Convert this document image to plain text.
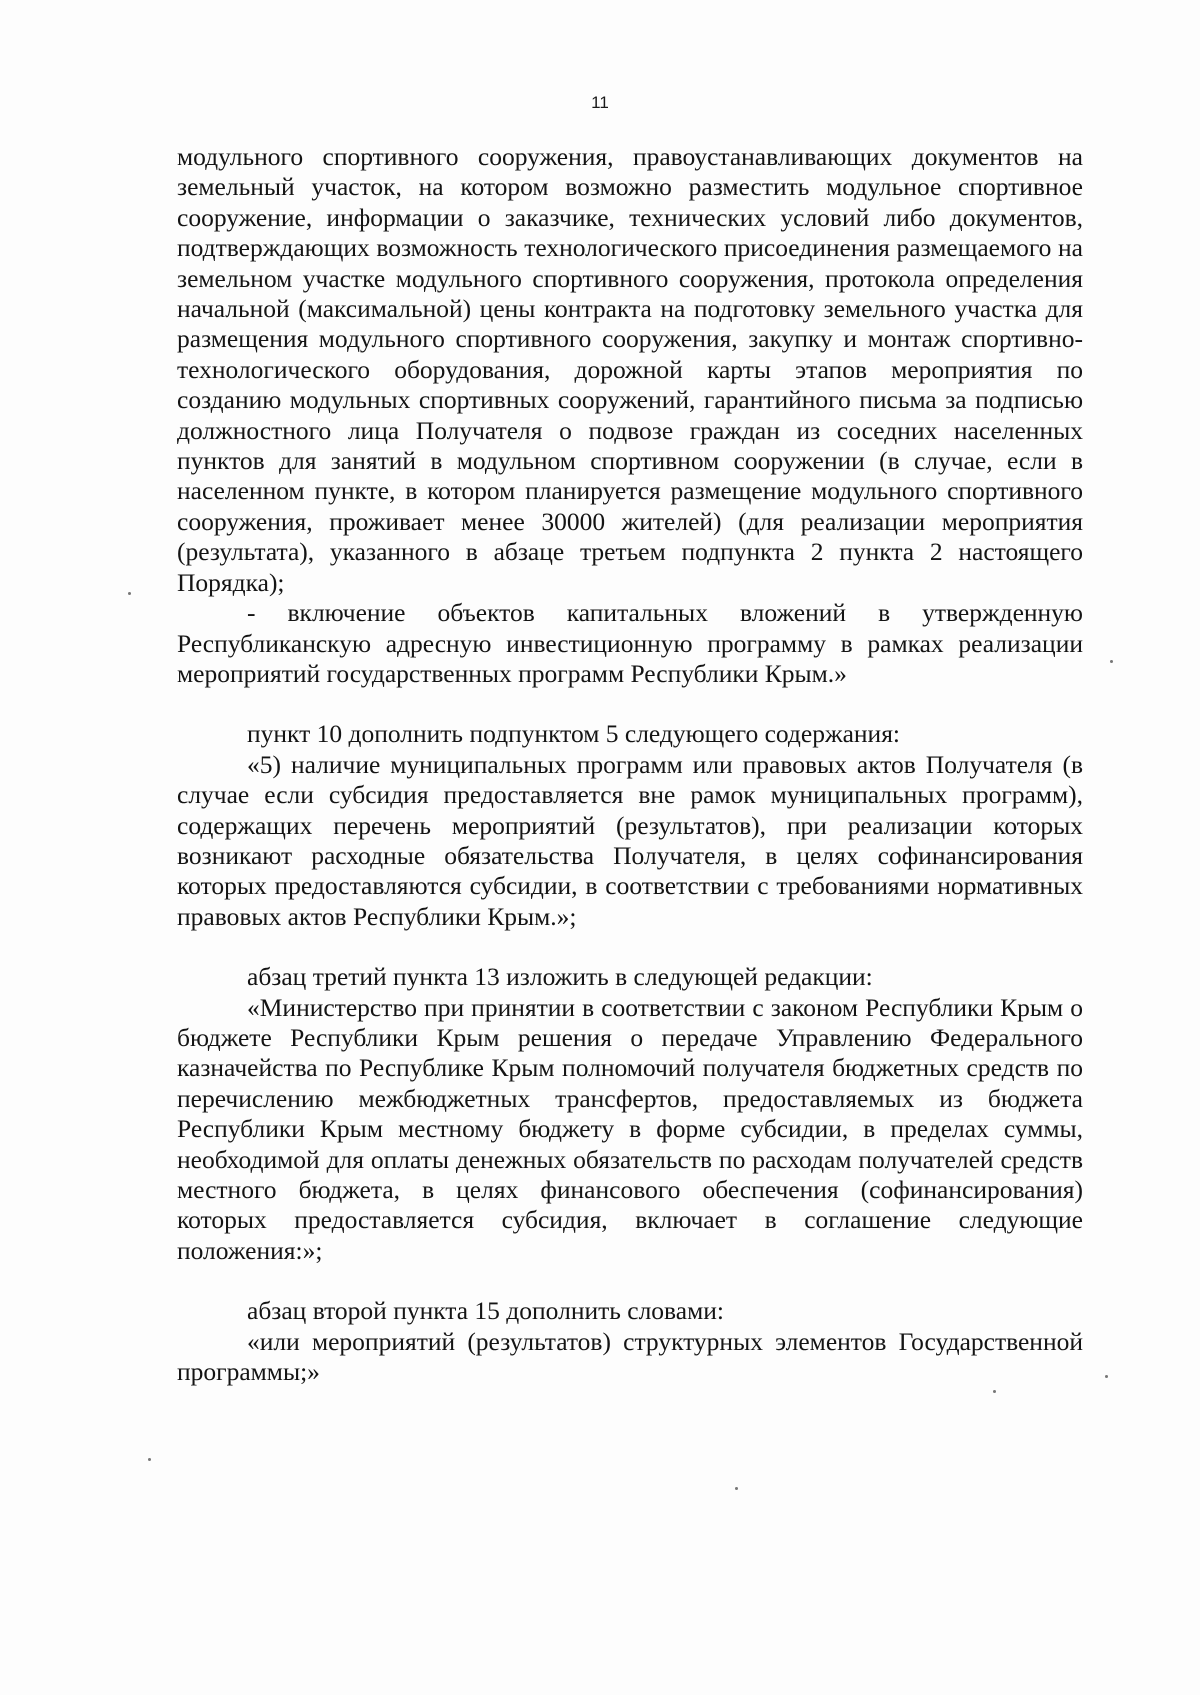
11

модульного спортивного сооружения, правоустанавливающих документов на земельный участок, на котором возможно разместить модульное спортивное сооружение, информации о заказчике, технических условий либо документов, подтверждающих возможность технологического присоединения размещаемого на земельном участке модульного спортивного сооружения, протокола определения начальной (максимальной) цены контракта на подготовку земельного участка для размещения модульного спортивного сооружения, закупку и монтаж спортивно-технологического оборудования, дорожной карты этапов мероприятия по созданию модульных спортивных сооружений, гарантийного письма за подписью должностного лица Получателя о подвозе граждан из соседних населенных пунктов для занятий в модульном спортивном сооружении (в случае, если в населенном пункте, в котором планируется размещение модульного спортивного сооружения, проживает менее 30000 жителей) (для реализации мероприятия (результата), указанного в абзаце третьем подпункта 2 пункта 2 настоящего Порядка);

- включение объектов капитальных вложений в утвержденную Республиканскую адресную инвестиционную программу в рамках реализации мероприятий государственных программ Республики Крым.»

пункт 10 дополнить подпунктом 5 следующего содержания:

«5) наличие муниципальных программ или правовых актов Получателя (в случае если субсидия предоставляется вне рамок муниципальных программ), содержащих перечень мероприятий (результатов), при реализации которых возникают расходные обязательства Получателя, в целях софинансирования которых предоставляются субсидии, в соответствии с требованиями нормативных правовых актов Республики Крым.»;

абзац третий пункта 13 изложить в следующей редакции:

«Министерство при принятии в соответствии с законом Республики Крым о бюджете Республики Крым решения о передаче Управлению Федерального казначейства по Республике Крым полномочий получателя бюджетных средств по перечислению межбюджетных трансфертов, предоставляемых из бюджета Республики Крым местному бюджету в форме субсидии, в пределах суммы, необходимой для оплаты денежных обязательств по расходам получателей средств местного бюджета, в целях финансового обеспечения (софинансирования) которых предоставляется субсидия, включает в соглашение следующие положения:»;

абзац второй пункта 15 дополнить словами:

«или мероприятий (результатов) структурных элементов Государственной программы;»
